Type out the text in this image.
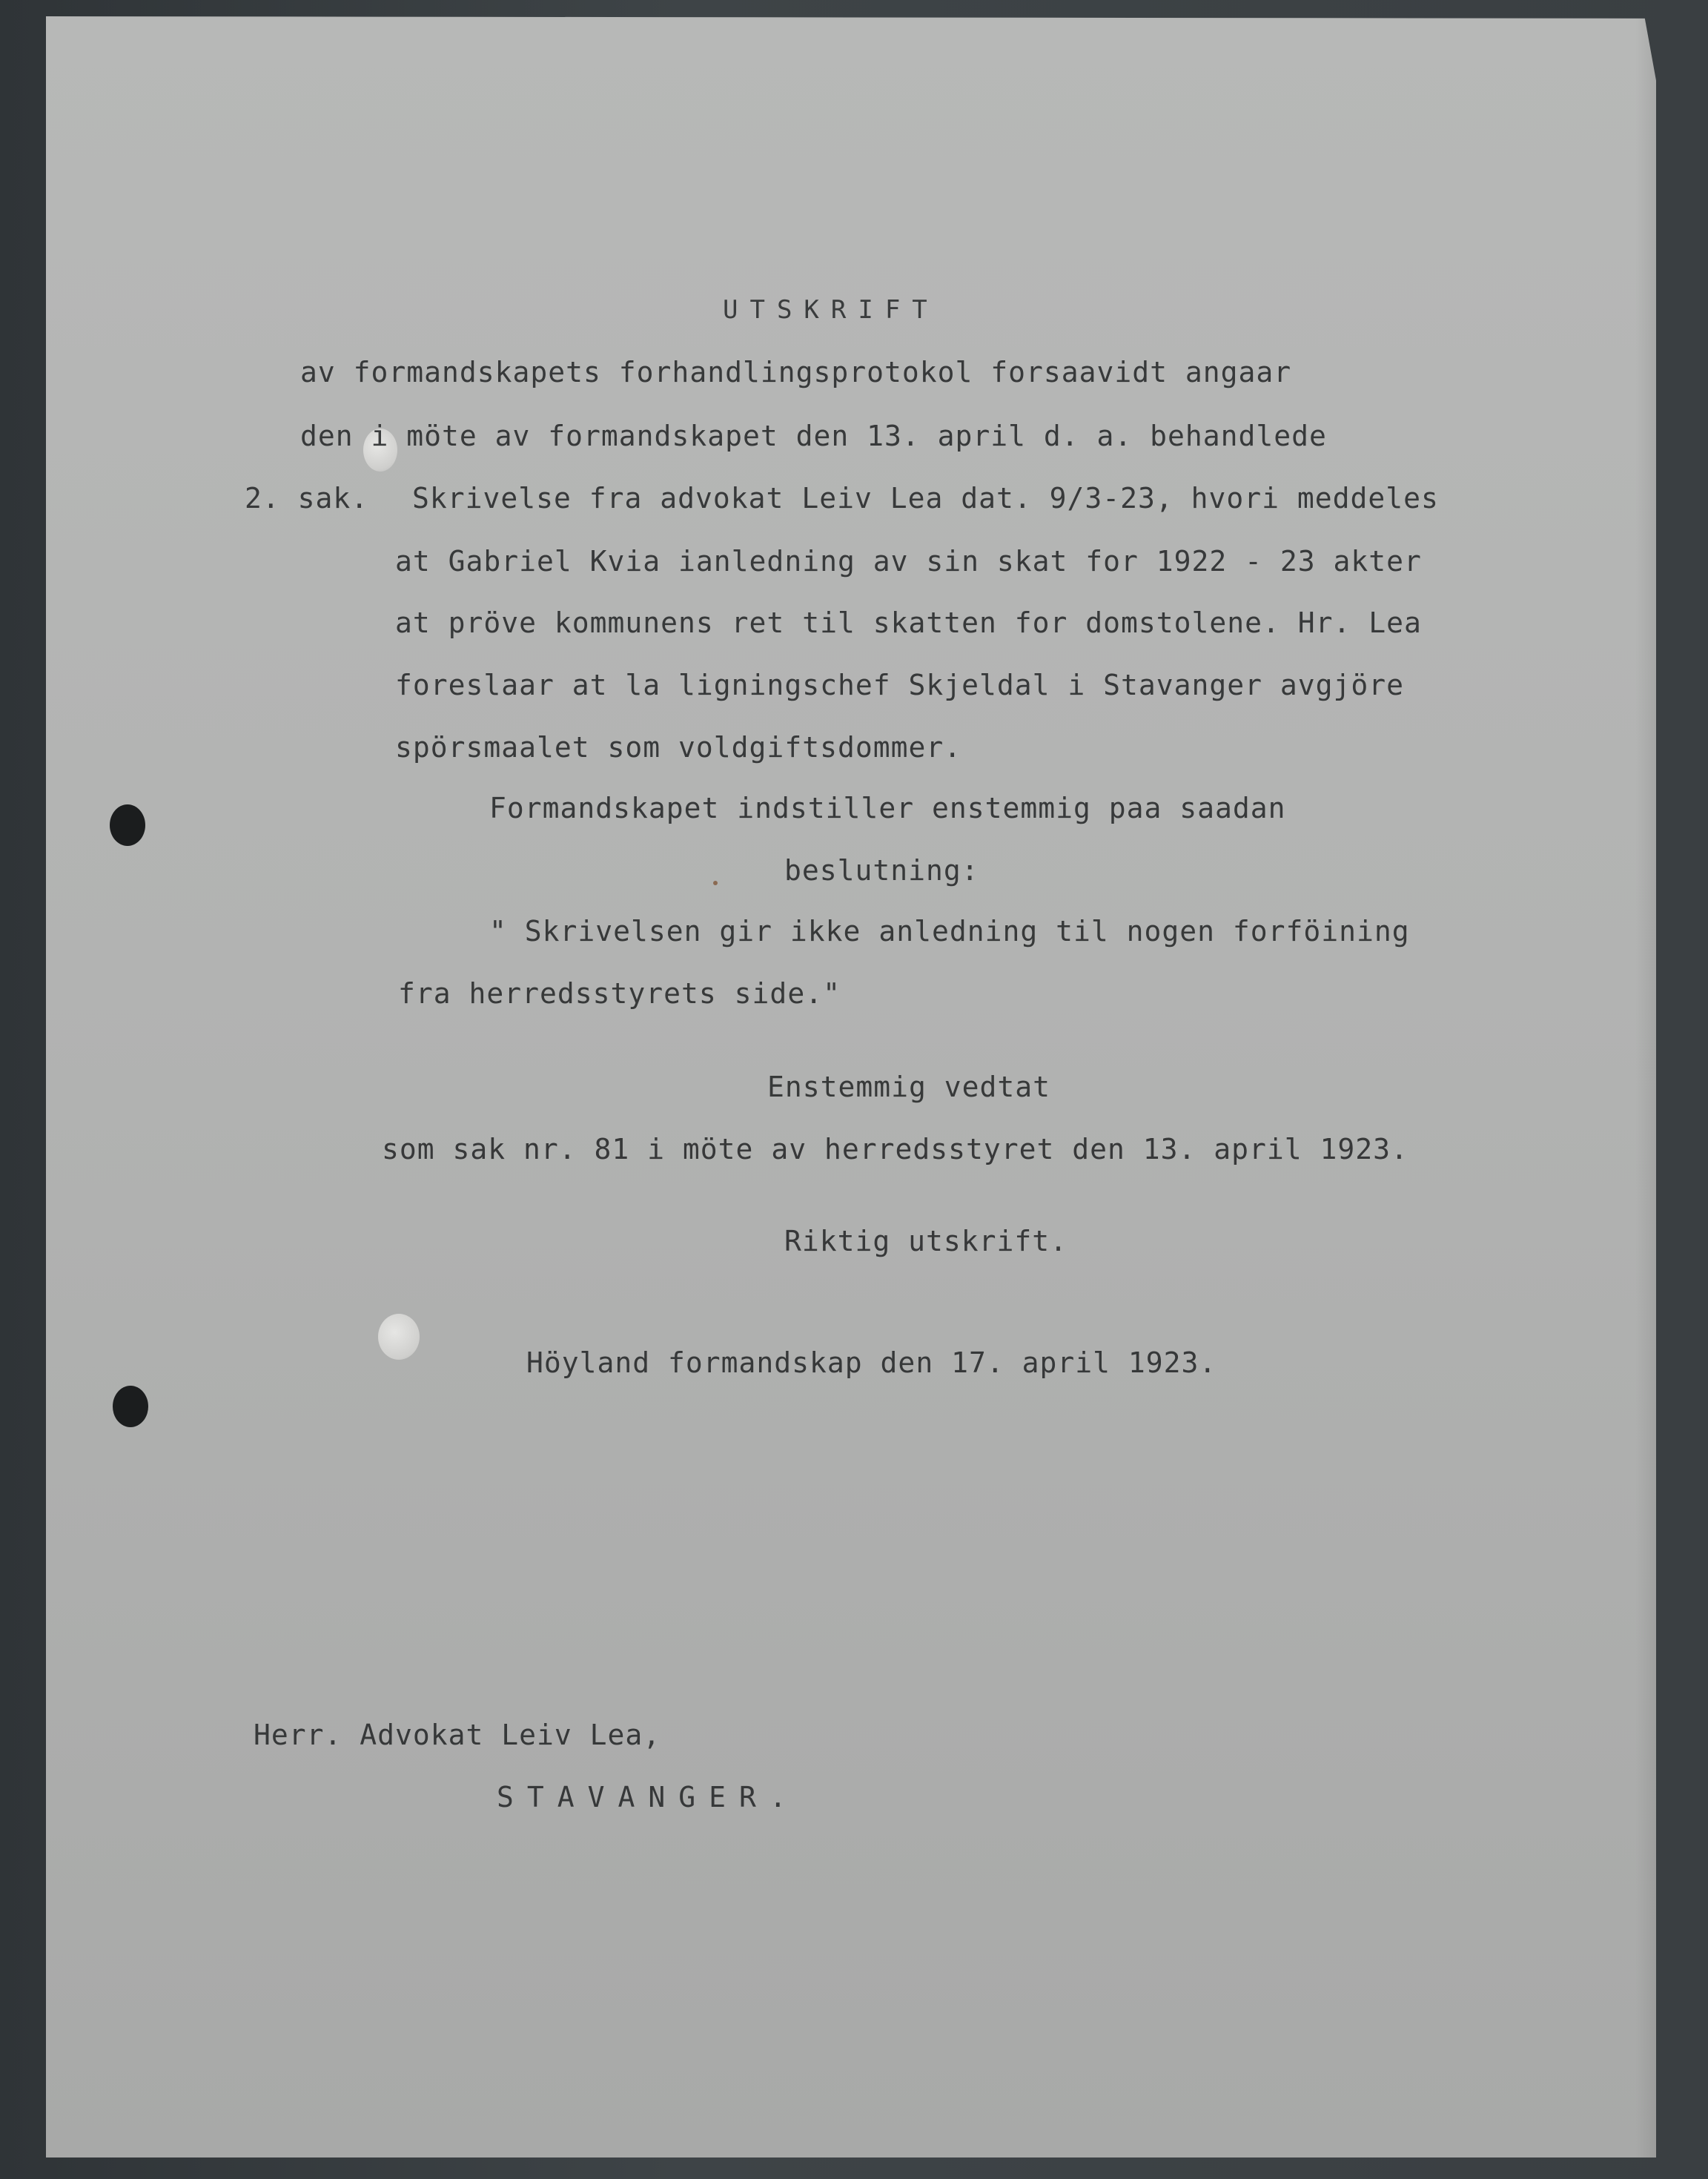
UTSKRIFT
av formandskapets forhandlingsprotokol forsaavidt angaar
den i möte av formandskapet den 13. april d. a. behandlede
2. sak. Skrivelse fra advokat Leiv Lea dat. 9/3-23, hvori meddeles
at Gabriel Kvia ianledning av sin skat for 1922 - 23 akter
at pröve kommunens ret til skatten for domstolene. Hr. Lea
foreslaar at la ligningschef Skjeldal i Stavanger avgjöre
spörsmaalet som voldgiftsdommer.
Formandskapet indstiller enstemmig paa saadan
beslutning:
" Skrivelsen gir ikke anledning til nogen forföining
fra herredsstyrets side."
Enstemmig vedtat
som sak nr. 81 i möte av herredsstyret den 13. april 1923.
Riktig utskrift.
Höyland formandskap den 17. april 1923.
Herr. Advokat Leiv Lea,
STAVANGER.
